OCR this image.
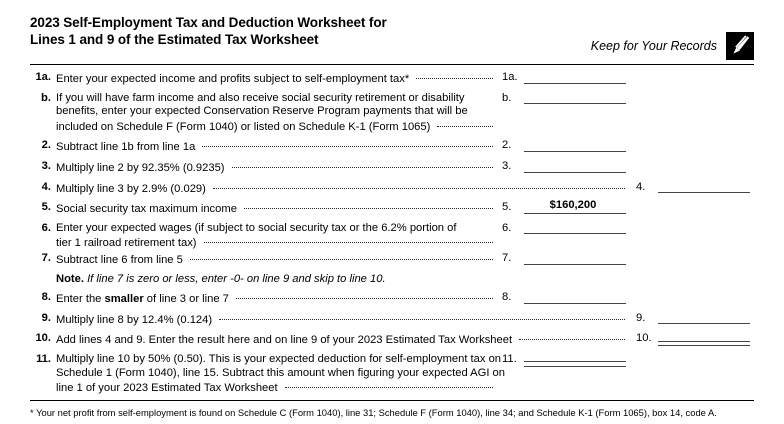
2023 Self-Employment Tax and Deduction Worksheet for
Lines 1 and 9 of the Estimated Tax Worksheet	Keep for Your Records
1a. Enter your expected income and profits subject to self-employment tax*	1a.
b. If you will have farm income and also receive social security retirement or disability
benefits, enter your expected Conservation Reserve Program payments that will be
included on Schedule F (Form 1040) or listed on Schedule K-1 (Form 1065)
b.
2. Subtract line 1b from line 1a	2.
3. Multiply line 2 by 92.35% (0.9235)	3.
4. Multiply line 3 by 2.9% (0.029)	4.
5. Social security tax maximum income	5.	$160,200
6. Enter your expected wages (if subject to social security tax or the 6.2% portion of
tier 1 railroad retirement tax)
6.
7. Subtract line 6 from line 5	7.
Note. If line 7 is zero or less, enter -0- on line 9 and skip to line 10.
8. Enter the smaller of line 3 or line 7	8.
9. Multiply line 8 by 12.4% (0.124)	9.
10. Add lines 4 and 9. Enter the result here and on line 9 of your 2023 Estimated Tax Worksheet	10.
11. Multiply line 10 by 50% (0.50). This is your expected deduction for self-employment tax on
Schedule 1 (Form 1040), line 15. Subtract this amount when figuring your expected AGI on
line 1 of your 2023 Estimated Tax Worksheet
11.
* Your net profit from self-employment is found on Schedule C (Form 1040), line 31; Schedule F (Form 1040), line 34; and Schedule K-1 (Form 1065), box 14, code A.
